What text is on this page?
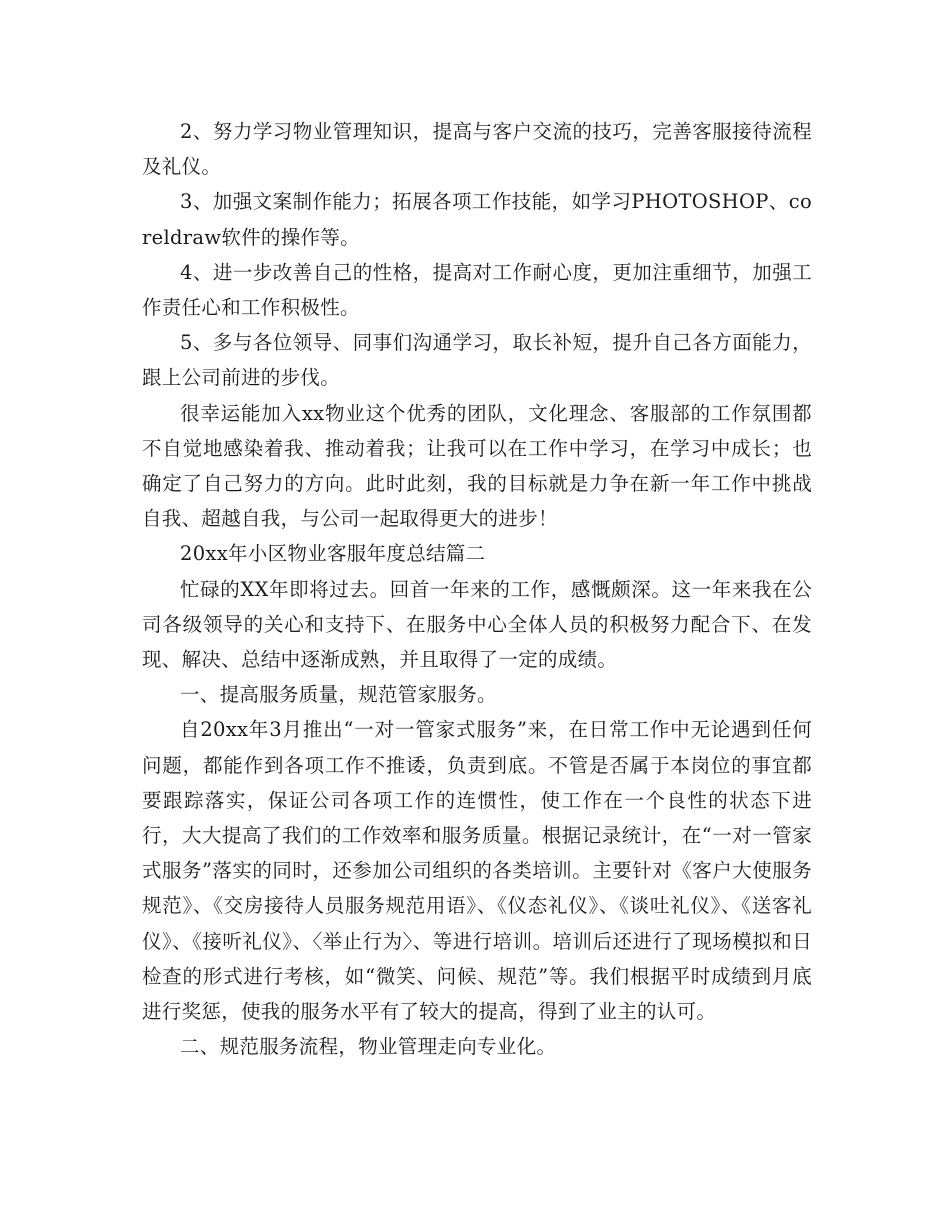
2、努力学习物业管理知识，提高与客户交流的技巧，完善客服接待流程及礼仪。

3、加强文案制作能力；拓展各项工作技能，如学习PHOTOSHOP、coreldraw软件的操作等。

4、进一步改善自己的性格，提高对工作耐心度，更加注重细节，加强工作责任心和工作积极性。

5、多与各位领导、同事们沟通学习，取长补短，提升自己各方面能力，跟上公司前进的步伐。

很幸运能加入xx物业这个优秀的团队，文化理念、客服部的工作氛围都不自觉地感染着我、推动着我；让我可以在工作中学习，在学习中成长；也确定了自己努力的方向。此时此刻，我的目标就是力争在新一年工作中挑战自我、超越自我，与公司一起取得更大的进步！

20xx年小区物业客服年度总结篇二

忙碌的XX年即将过去。回首一年来的工作，感慨颇深。这一年来我在公司各级领导的关心和支持下、在服务中心全体人员的积极努力配合下、在发现、解决、总结中逐渐成熟，并且取得了一定的成绩。

一、提高服务质量，规范管家服务。

自20xx年3月推出“一对一管家式服务”来，在日常工作中无论遇到任何问题，都能作到各项工作不推诿，负责到底。不管是否属于本岗位的事宜都要跟踪落实，保证公司各项工作的连惯性，使工作在一个良性的状态下进行，大大提高了我们的工作效率和服务质量。根据记录统计，在“一对一管家式服务”落实的同时，还参加公司组织的各类培训。主要针对《客户大使服务规范》、《交房接待人员服务规范用语》、《仪态礼仪》、《谈吐礼仪》、《送客礼仪》、《接听礼仪》、〈举止行为〉、等进行培训。培训后还进行了现场模拟和日检查的形式进行考核，如“微笑、问候、规范”等。我们根据平时成绩到月底进行奖惩，使我的服务水平有了较大的提高，得到了业主的认可。

二、规范服务流程，物业管理走向专业化。
